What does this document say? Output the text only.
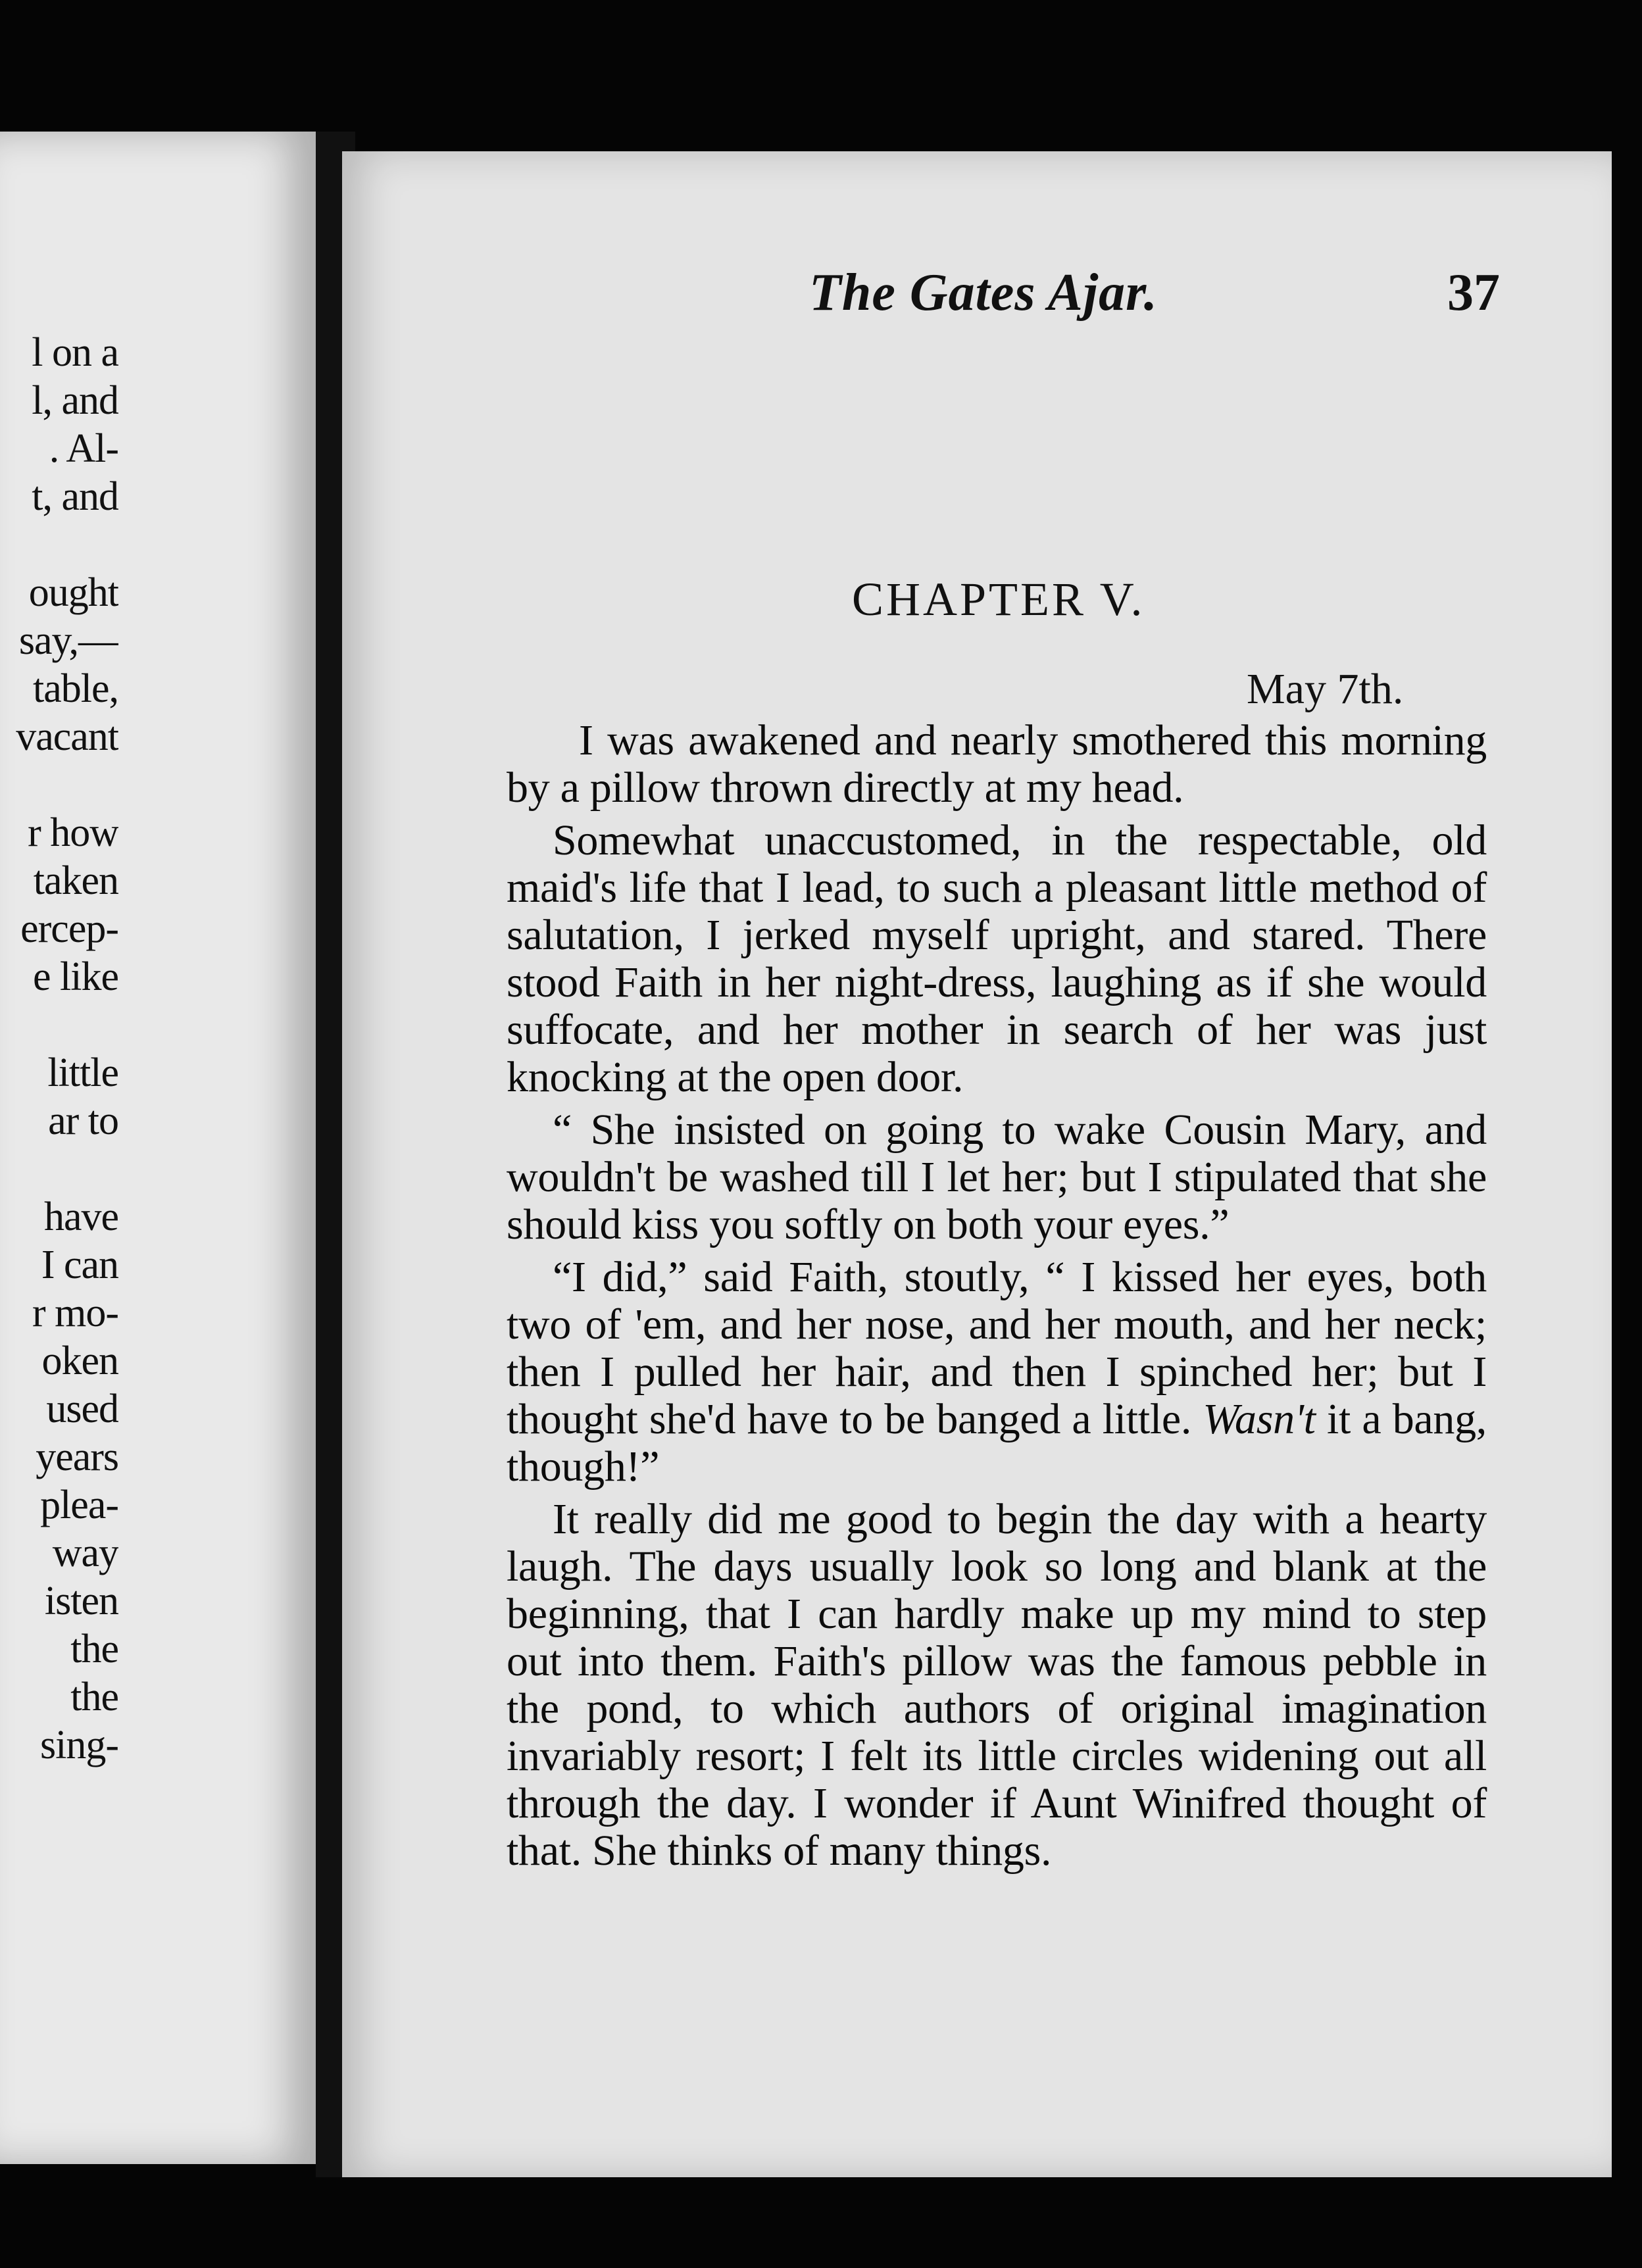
l on a
l, and
. Al-
t, and
ought
say,—
table,
vacant
r how
taken
ercep-
e like
little
ar to
have
I can
r mo-
oken
used
years
plea-
way
isten
the
the
sing-
The Gates Ajar.	37
CHAPTER V.
May 7th.

I was awakened and nearly smothered this morning by a pillow thrown directly at my head.

Somewhat unaccustomed, in the respectable, old maid's life that I lead, to such a pleasant little method of salutation, I jerked myself upright, and stared. There stood Faith in her night-dress, laughing as if she would suffocate, and her mother in search of her was just knocking at the open door.

“ She insisted on going to wake Cousin Mary, and wouldn't be washed till I let her; but I stipulated that she should kiss you softly on both your eyes.”

“I did,” said Faith, stoutly, “ I kissed her eyes, both two of 'em, and her nose, and her mouth, and her neck; then I pulled her hair, and then I spinched her; but I thought she'd have to be banged a little. Wasn't it a bang, though!”

It really did me good to begin the day with a hearty laugh. The days usually look so long and blank at the beginning, that I can hardly make up my mind to step out into them. Faith's pillow was the famous pebble in the pond, to which authors of original imagination invariably resort; I felt its little circles widening out all through the day. I wonder if Aunt Winifred thought of that. She thinks of many things.
